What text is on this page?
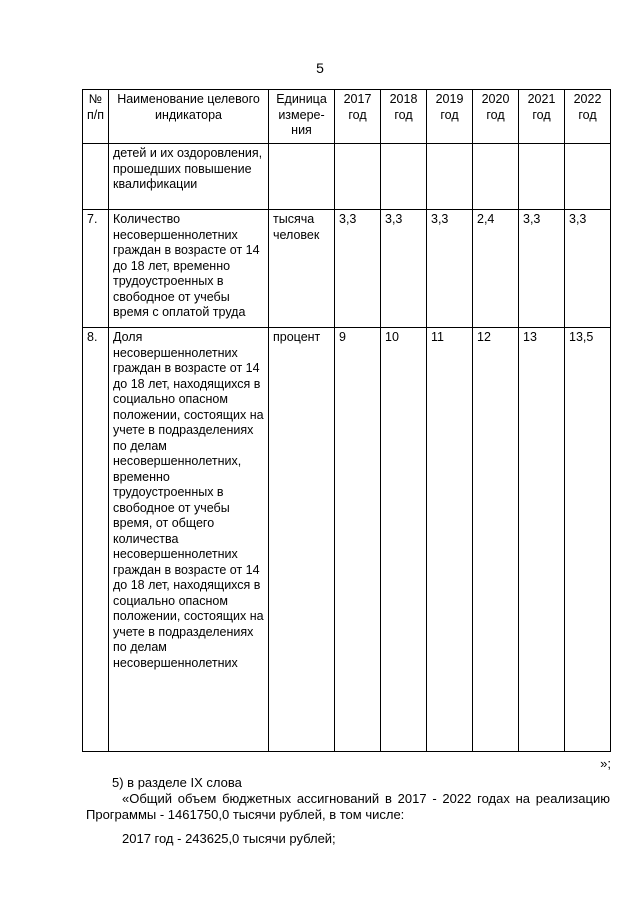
5
№ п/п	Наименование целевого индикатора	Единица измере-ния	2017 год	2018 год	2019 год	2020 год	2021 год	2022 год
	детей и их оздоровления, прошедших повышение квалификации							
7.	Количество несовершеннолетних граждан в возрасте от 14 до 18 лет, временно трудоустроенных в свободное от учебы время с оплатой труда	тысяча человек	3,3	3,3	3,3	2,4	3,3	3,3
8.	Доля несовершеннолетних граждан в возрасте от 14 до 18 лет, находящихся в социально опасном положении, состоящих на учете в подразделениях по делам несовершеннолетних, временно трудоустроенных в свободное от учебы время, от общего количества несовершеннолетних граждан в возрасте от 14 до 18 лет, находящихся в социально опасном положении, состоящих на учете в подразделениях по делам несовершеннолетних	процент	9	10	11	12	13	13,5
»;
5) в разделе IX слова
«Общий объем бюджетных ассигнований в 2017 - 2022 годах на реализацию Программы - 1461750,0 тысячи рублей, в том числе:
2017 год - 243625,0 тысячи рублей;
